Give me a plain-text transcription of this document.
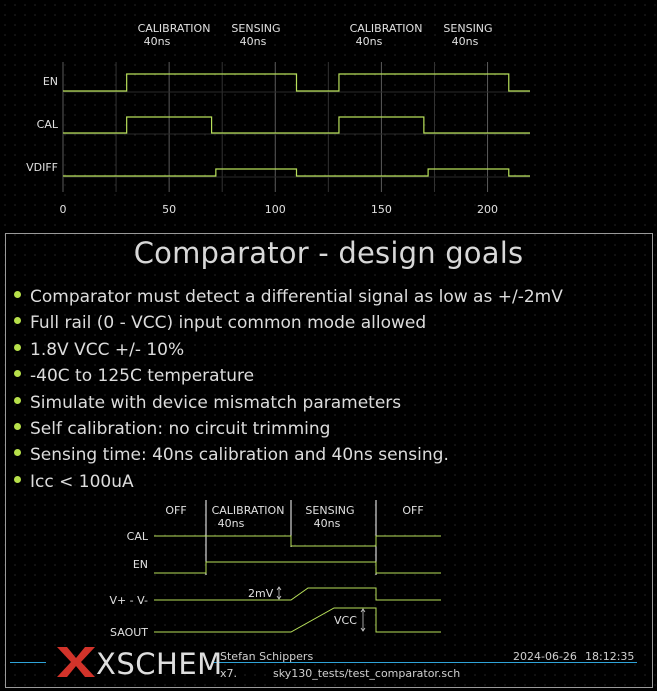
CALIBRATION
40ns
SENSING
40ns
CALIBRATION
40ns
SENSING
40ns
EN
CAL
VDIFF
0	50	100	150	200
Comparator - design goals
Comparator must detect a differential signal as low as +/-2mV
Full rail (0 - VCC) input common mode allowed
1.8V VCC +/- 10%
-40C to 125C temperature
Simulate with device mismatch parameters
Self calibration: no circuit trimming
Sensing time: 40ns calibration and 40ns sensing.
Icc < 100uA
OFF CALIBRATION
40ns
SENSING
40ns
OFF
CAL
EN
V+ - V-
SAOUT
2mV
VCC
XSCHEM
Stefan Schippers	2024-06-26 18:12:35
x7.	sky130_tests/test_comparator.sch
